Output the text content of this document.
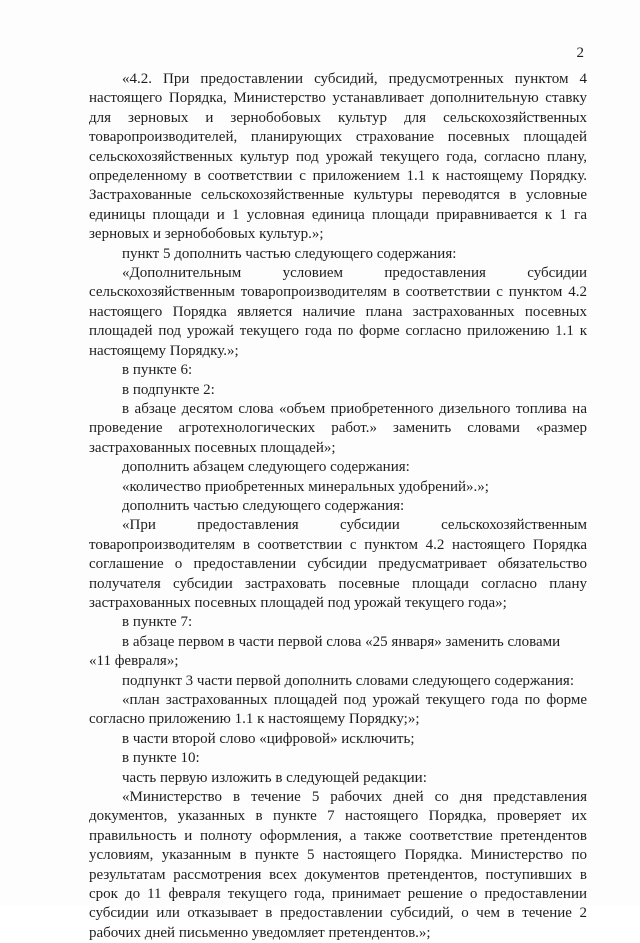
2

«4.2. При предоставлении субсидий, предусмотренных пунктом 4 настоящего Порядка, Министерство устанавливает дополнительную ставку для зерновых и зернобобовых культур для сельскохозяйственных товаропроизводителей, планирующих страхование посевных площадей сельскохозяйственных культур под урожай текущего года, согласно плану, определенному в соответствии с приложением 1.1 к настоящему Порядку. Застрахованные сельскохозяйственные культуры переводятся в условные единицы площади и 1 условная единица площади приравнивается к 1 га зерновых и зернобобовых культур.»;

пункт 5 дополнить частью следующего содержания:

«Дополнительным условием предоставления субсидии сельскохозяйственным товаропроизводителям в соответствии с пунктом 4.2 настоящего Порядка является наличие плана застрахованных посевных площадей под урожай текущего года по форме согласно приложению 1.1 к настоящему Порядку.»;

в пункте 6:

в подпункте 2:

в абзаце десятом слова «объем приобретенного дизельного топлива на проведение агротехнологических работ.» заменить словами «размер застрахованных посевных площадей»;

дополнить абзацем следующего содержания:

«количество приобретенных минеральных удобрений».»;

дополнить частью следующего содержания:

«При предоставления субсидии сельскохозяйственным товаропроизводителям в соответствии с пунктом 4.2 настоящего Порядка соглашение о предоставлении субсидии предусматривает обязательство получателя субсидии застраховать посевные площади согласно плану застрахованных посевных площадей под урожай текущего года»;

в пункте 7:

в абзаце первом в части первой слова «25 января» заменить словами

«11 февраля»;

подпункт 3 части первой дополнить словами следующего содержания:

«план застрахованных площадей под урожай текущего года по форме согласно приложению 1.1 к настоящему Порядку;»;

в части второй слово «цифровой» исключить;

в пункте 10:

часть первую изложить в следующей редакции:

«Министерство в течение 5 рабочих дней со дня представления документов, указанных в пункте 7 настоящего Порядка, проверяет их правильность и полноту оформления, а также соответствие претендентов условиям, указанным в пункте 5 настоящего Порядка. Министерство по результатам рассмотрения всех документов претендентов, поступивших в срок до 11 февраля текущего года, принимает решение о предоставлении субсидии или отказывает в предоставлении субсидий, о чем в течение 2 рабочих дней письменно уведомляет претендентов.»;
